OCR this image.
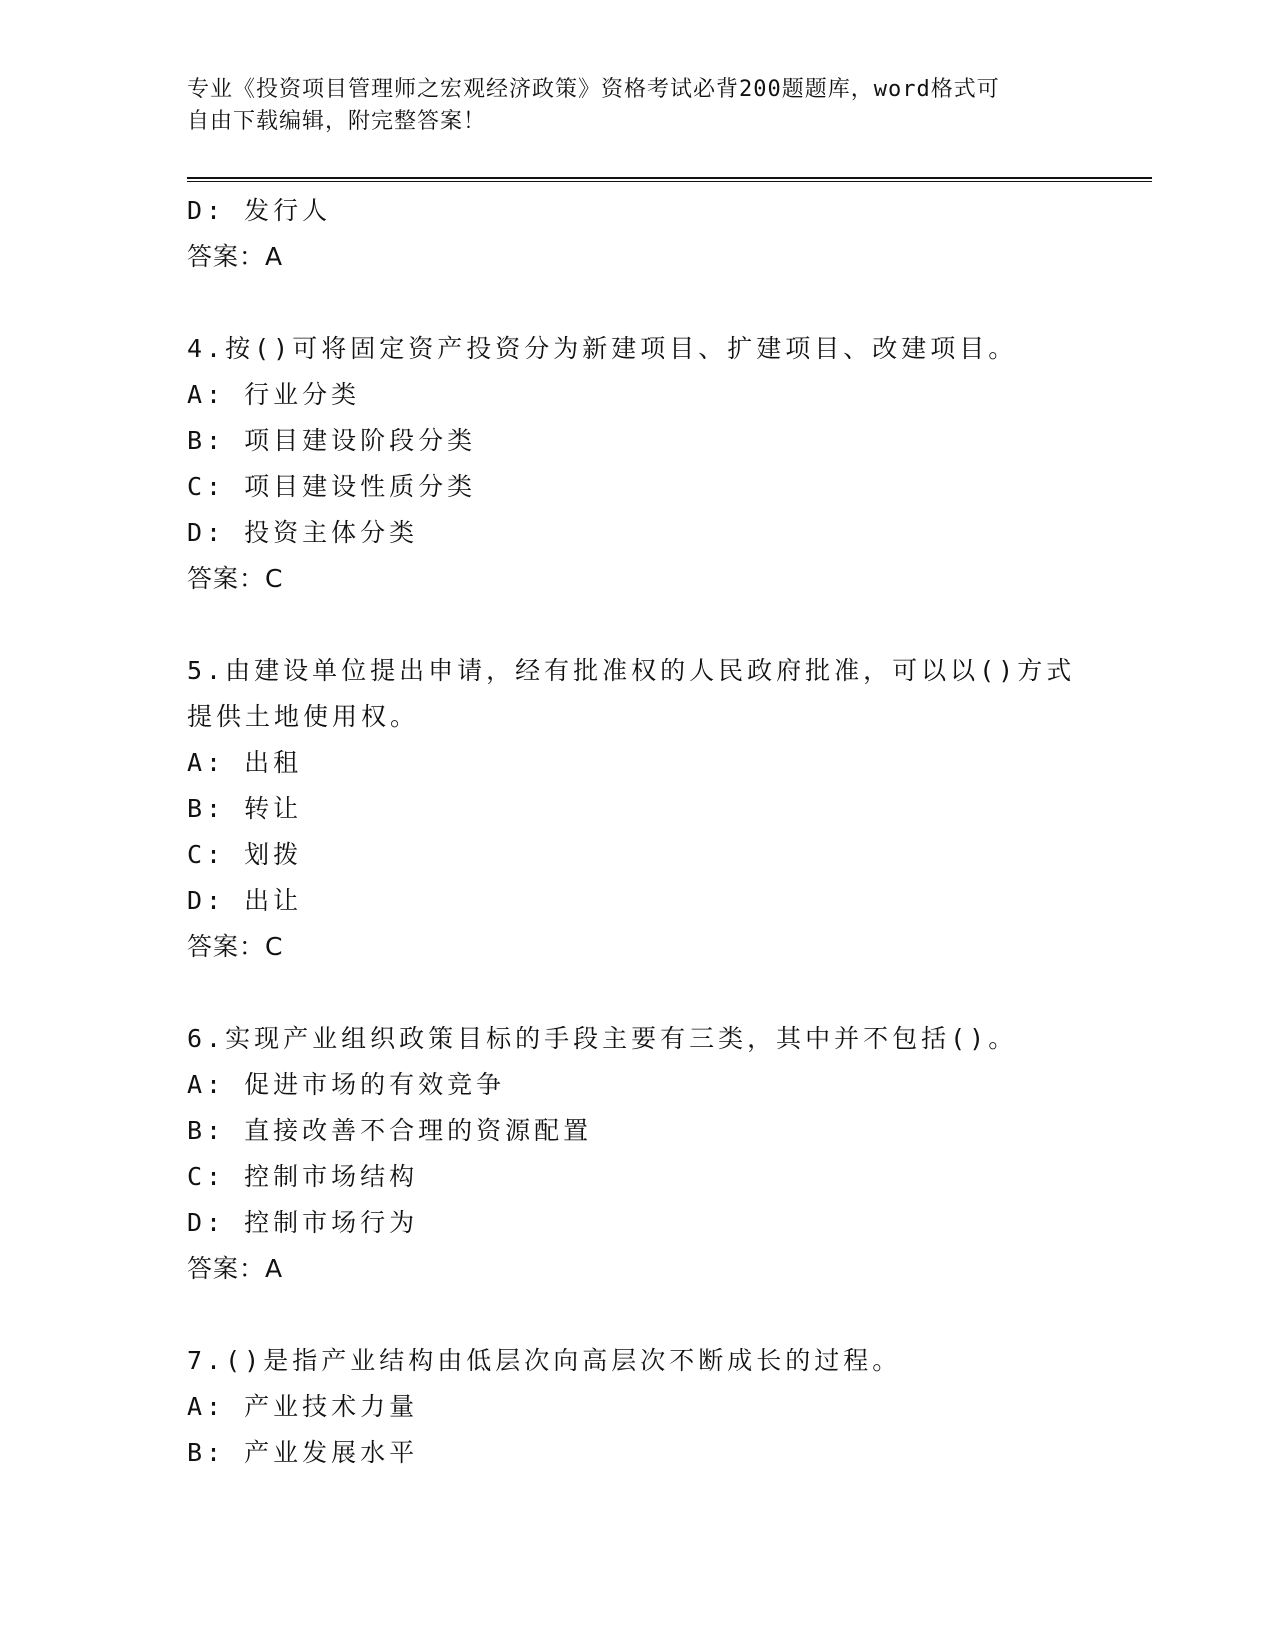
专业《投资项目管理师之宏观经济政策》资格考试必背200题题库，word格式可
自由下载编辑，附完整答案！
D: 发行人
答案：A
4.按()可将固定资产投资分为新建项目、扩建项目、改建项目。
A: 行业分类
B: 项目建设阶段分类
C: 项目建设性质分类
D: 投资主体分类
答案：C
5.由建设单位提出申请，经有批准权的人民政府批准，可以以()方式
提供土地使用权。
A: 出租
B: 转让
C: 划拨
D: 出让
答案：C
6.实现产业组织政策目标的手段主要有三类，其中并不包括()。
A: 促进市场的有效竞争
B: 直接改善不合理的资源配置
C: 控制市场结构
D: 控制市场行为
答案：A
7.()是指产业结构由低层次向高层次不断成长的过程。
A: 产业技术力量
B: 产业发展水平
